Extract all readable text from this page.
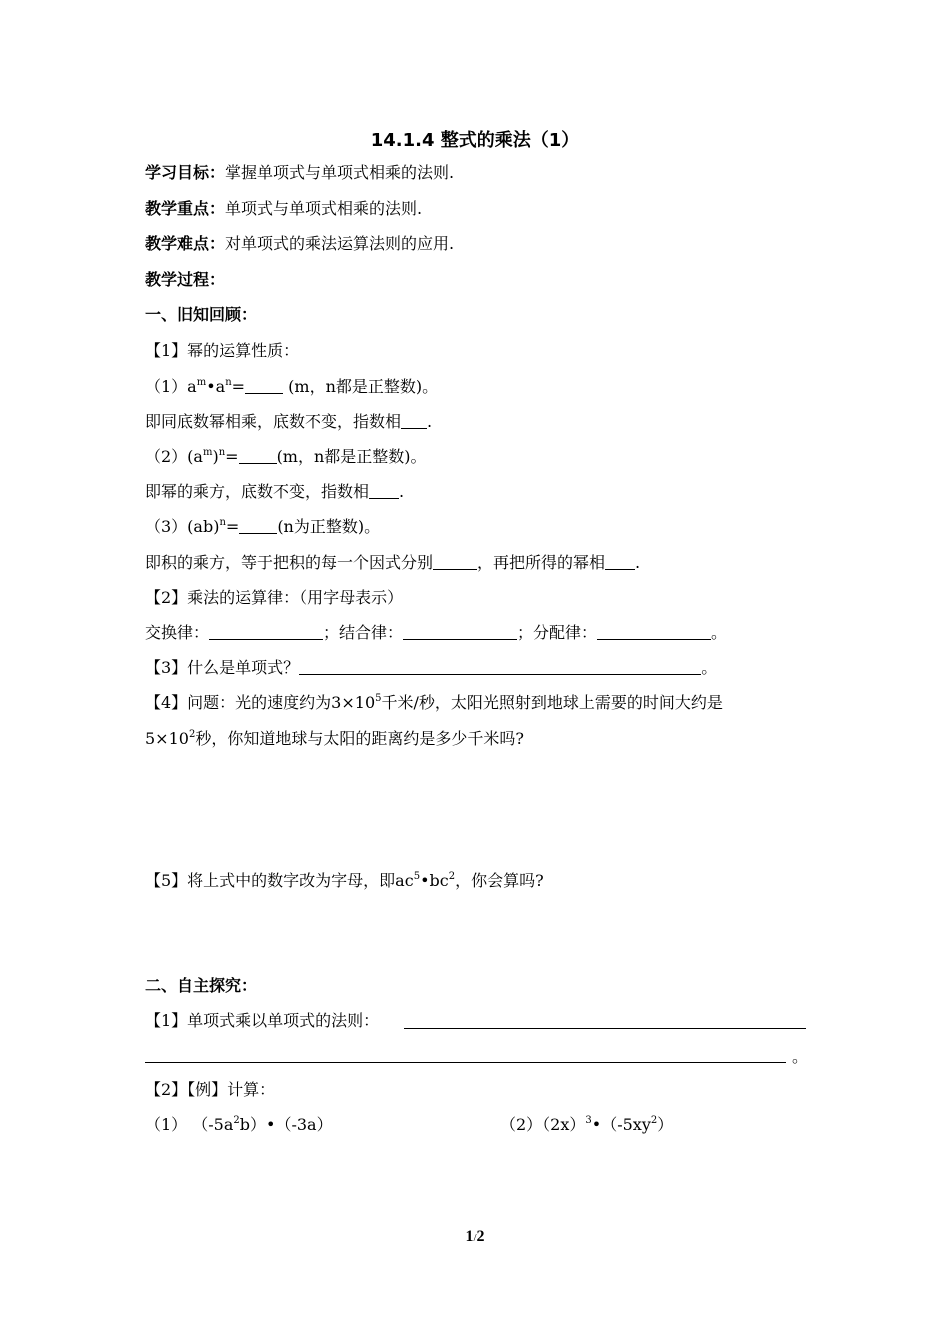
14.1.4 整式的乘法（1）
学习目标：掌握单项式与单项式相乘的法则.
教学重点：单项式与单项式相乘的法则.
教学难点：对单项式的乘法运算法则的应用.
教学过程：
一、旧知回顾：
【1】幂的运算性质：
$(1)a^m•a^n= (m$，n都是正整数)。
即同底数幂相乘，底数不变，指数相 .
$(2)(a^m)^n= (m$，n都是正整数)。
即幂的乘方，底数不变，指数相 .
（3）(ab)$^n$= (n为正整数)。
即积的乘方，等于把积的每一个因式分别	，再把所得的幂相 .
【2】乘法的运算律：（用字母表示）
交换律：	；结合律：	；分配律：	。
【3】什么是单项式？	。
【4】问题：光的速度约为$3\times 10^5$千米/秒，太阳光照射到地球上需要的时间大约是
$5\times 10^2$秒，你知道地球与太阳的距离约是多少千米吗?
【5】将上式中的数字改为字母，即$ac^5•bc^2$，你会算吗?
二、自主探究：
【1】单项式乘以单项式的法则：
。
【2】【例】计算：
（1） $(-5a^2b)•(-3a)$	$(2)(2x)^3•(-5xy^2)$
1/2
